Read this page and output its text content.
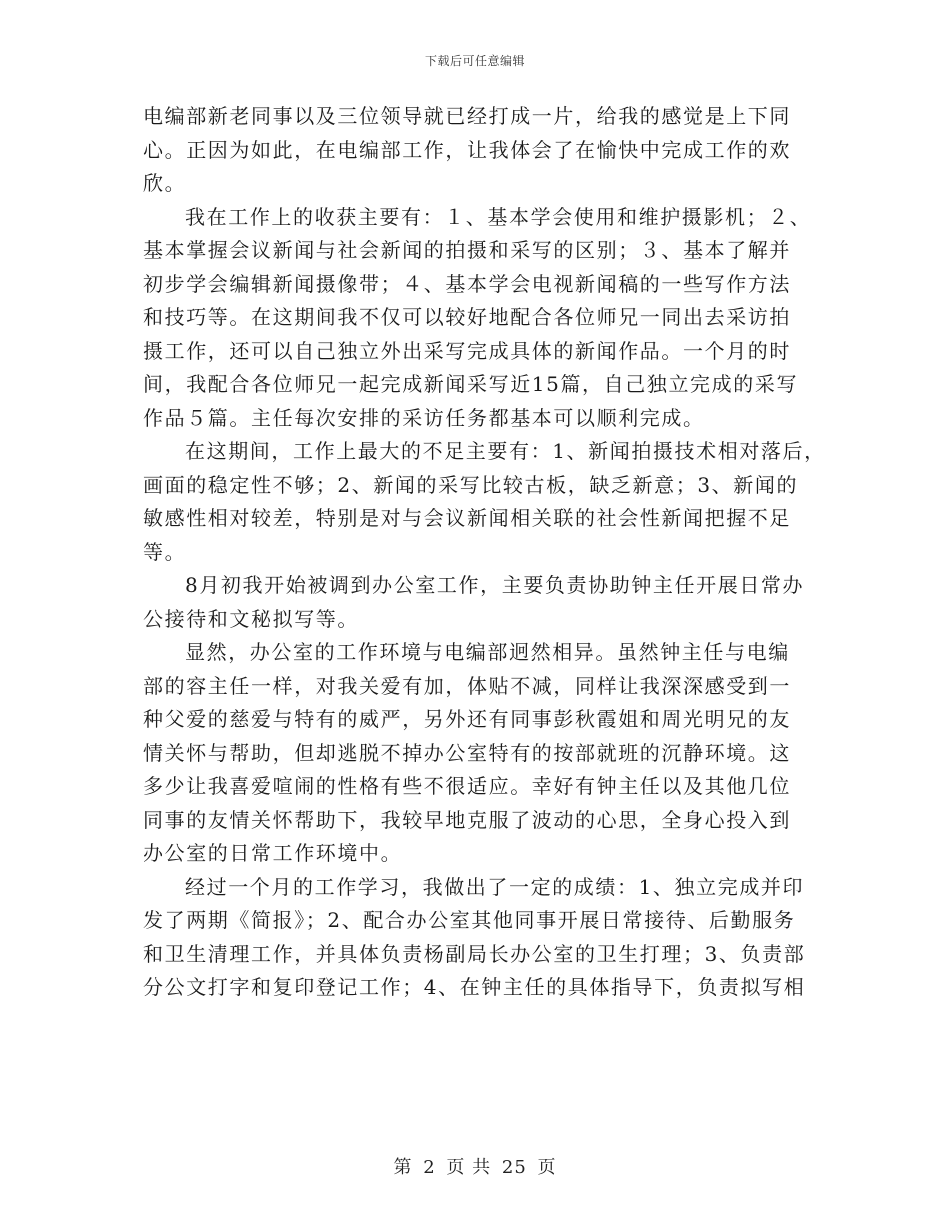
下载后可任意编辑
电编部新老同事以及三位领导就已经打成一片，给我的感觉是上下同
心。正因为如此，在电编部工作，让我体会了在愉快中完成工作的欢
欣。
我在工作上的收获主要有：１、基本学会使用和维护摄影机；２、
基本掌握会议新闻与社会新闻的拍摄和采写的区别；３、基本了解并
初步学会编辑新闻摄像带；４、基本学会电视新闻稿的一些写作方法
和技巧等。在这期间我不仅可以较好地配合各位师兄一同出去采访拍
摄工作，还可以自己独立外出采写完成具体的新闻作品。一个月的时
间，我配合各位师兄一起完成新闻采写近15篇，自己独立完成的采写
作品５篇。主任每次安排的采访任务都基本可以顺利完成。
在这期间，工作上最大的不足主要有：1、新闻拍摄技术相对落后，
画面的稳定性不够；2、新闻的采写比较古板，缺乏新意；3、新闻的
敏感性相对较差，特别是对与会议新闻相关联的社会性新闻把握不足
等。
8月初我开始被调到办公室工作，主要负责协助钟主任开展日常办
公接待和文秘拟写等。
显然，办公室的工作环境与电编部迥然相异。虽然钟主任与电编
部的容主任一样，对我关爱有加，体贴不减，同样让我深深感受到一
种父爱的慈爱与特有的威严，另外还有同事彭秋霞姐和周光明兄的友
情关怀与帮助，但却逃脱不掉办公室特有的按部就班的沉静环境。这
多少让我喜爱喧闹的性格有些不很适应。幸好有钟主任以及其他几位
同事的友情关怀帮助下，我较早地克服了波动的心思，全身心投入到
办公室的日常工作环境中。
经过一个月的工作学习，我做出了一定的成绩：1、独立完成并印
发了两期《简报》；2、配合办公室其他同事开展日常接待、后勤服务
和卫生清理工作，并具体负责杨副局长办公室的卫生打理；3、负责部
分公文打字和复印登记工作；4、在钟主任的具体指导下，负责拟写相
第 2 页 共 25 页
